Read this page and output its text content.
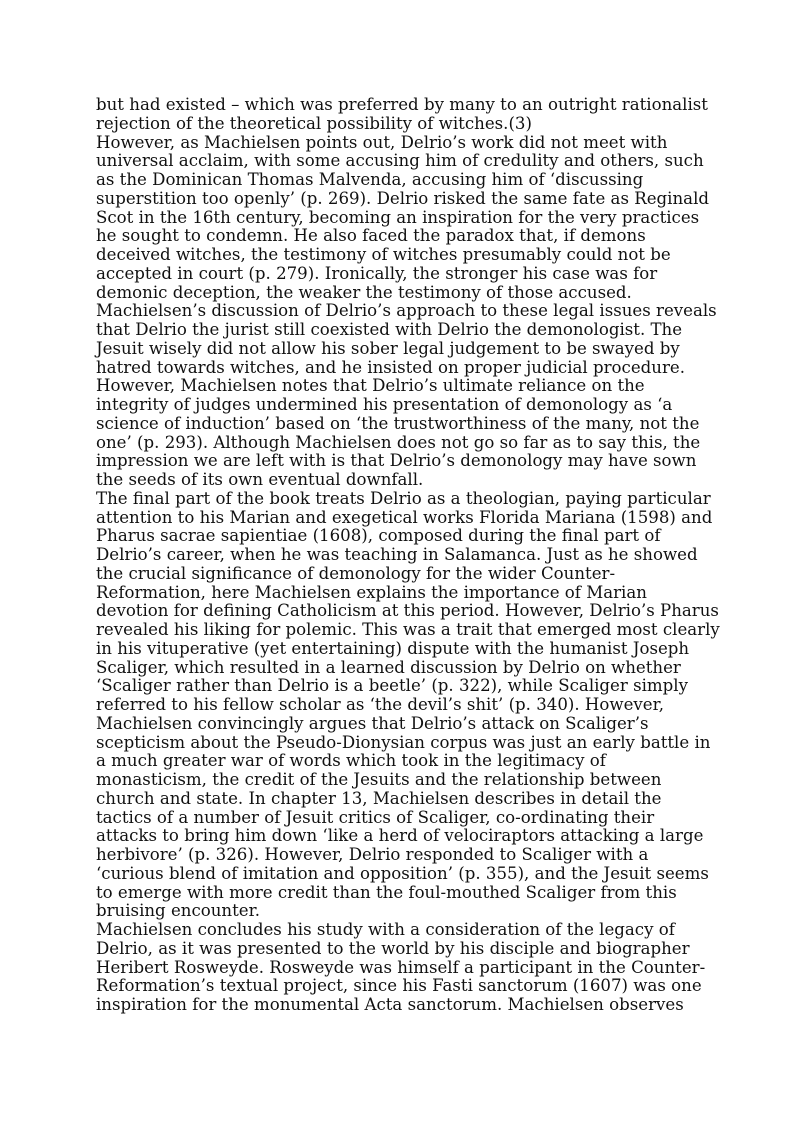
but had existed – which was preferred by many to an outright rationalist
rejection of the theoretical possibility of witches.(3)
However, as Machielsen points out, Delrio’s work did not meet with
universal acclaim, with some accusing him of credulity and others, such
as the Dominican Thomas Malvenda, accusing him of ‘discussing
superstition too openly’ (p. 269). Delrio risked the same fate as Reginald
Scot in the 16th century, becoming an inspiration for the very practices
he sought to condemn. He also faced the paradox that, if demons
deceived witches, the testimony of witches presumably could not be
accepted in court (p. 279). Ironically, the stronger his case was for
demonic deception, the weaker the testimony of those accused.
Machielsen’s discussion of Delrio’s approach to these legal issues reveals
that Delrio the jurist still coexisted with Delrio the demonologist. The
Jesuit wisely did not allow his sober legal judgement to be swayed by
hatred towards witches, and he insisted on proper judicial procedure.
However, Machielsen notes that Delrio’s ultimate reliance on the
integrity of judges undermined his presentation of demonology as ‘a
science of induction’ based on ‘the trustworthiness of the many, not the
one’ (p. 293). Although Machielsen does not go so far as to say this, the
impression we are left with is that Delrio’s demonology may have sown
the seeds of its own eventual downfall.
The final part of the book treats Delrio as a theologian, paying particular
attention to his Marian and exegetical works Florida Mariana (1598) and
Pharus sacrae sapientiae (1608), composed during the final part of
Delrio’s career, when he was teaching in Salamanca. Just as he showed
the crucial significance of demonology for the wider Counter-
Reformation, here Machielsen explains the importance of Marian
devotion for defining Catholicism at this period. However, Delrio’s Pharus
revealed his liking for polemic. This was a trait that emerged most clearly
in his vituperative (yet entertaining) dispute with the humanist Joseph
Scaliger, which resulted in a learned discussion by Delrio on whether
‘Scaliger rather than Delrio is a beetle’ (p. 322), while Scaliger simply
referred to his fellow scholar as ‘the devil’s shit’ (p. 340). However,
Machielsen convincingly argues that Delrio’s attack on Scaliger’s
scepticism about the Pseudo-Dionysian corpus was just an early battle in
a much greater war of words which took in the legitimacy of
monasticism, the credit of the Jesuits and the relationship between
church and state. In chapter 13, Machielsen describes in detail the
tactics of a number of Jesuit critics of Scaliger, co-ordinating their
attacks to bring him down ‘like a herd of velociraptors attacking a large
herbivore’ (p. 326). However, Delrio responded to Scaliger with a
‘curious blend of imitation and opposition’ (p. 355), and the Jesuit seems
to emerge with more credit than the foul-mouthed Scaliger from this
bruising encounter.
Machielsen concludes his study with a consideration of the legacy of
Delrio, as it was presented to the world by his disciple and biographer
Heribert Rosweyde. Rosweyde was himself a participant in the Counter-
Reformation’s textual project, since his Fasti sanctorum (1607) was one
inspiration for the monumental Acta sanctorum. Machielsen observes
